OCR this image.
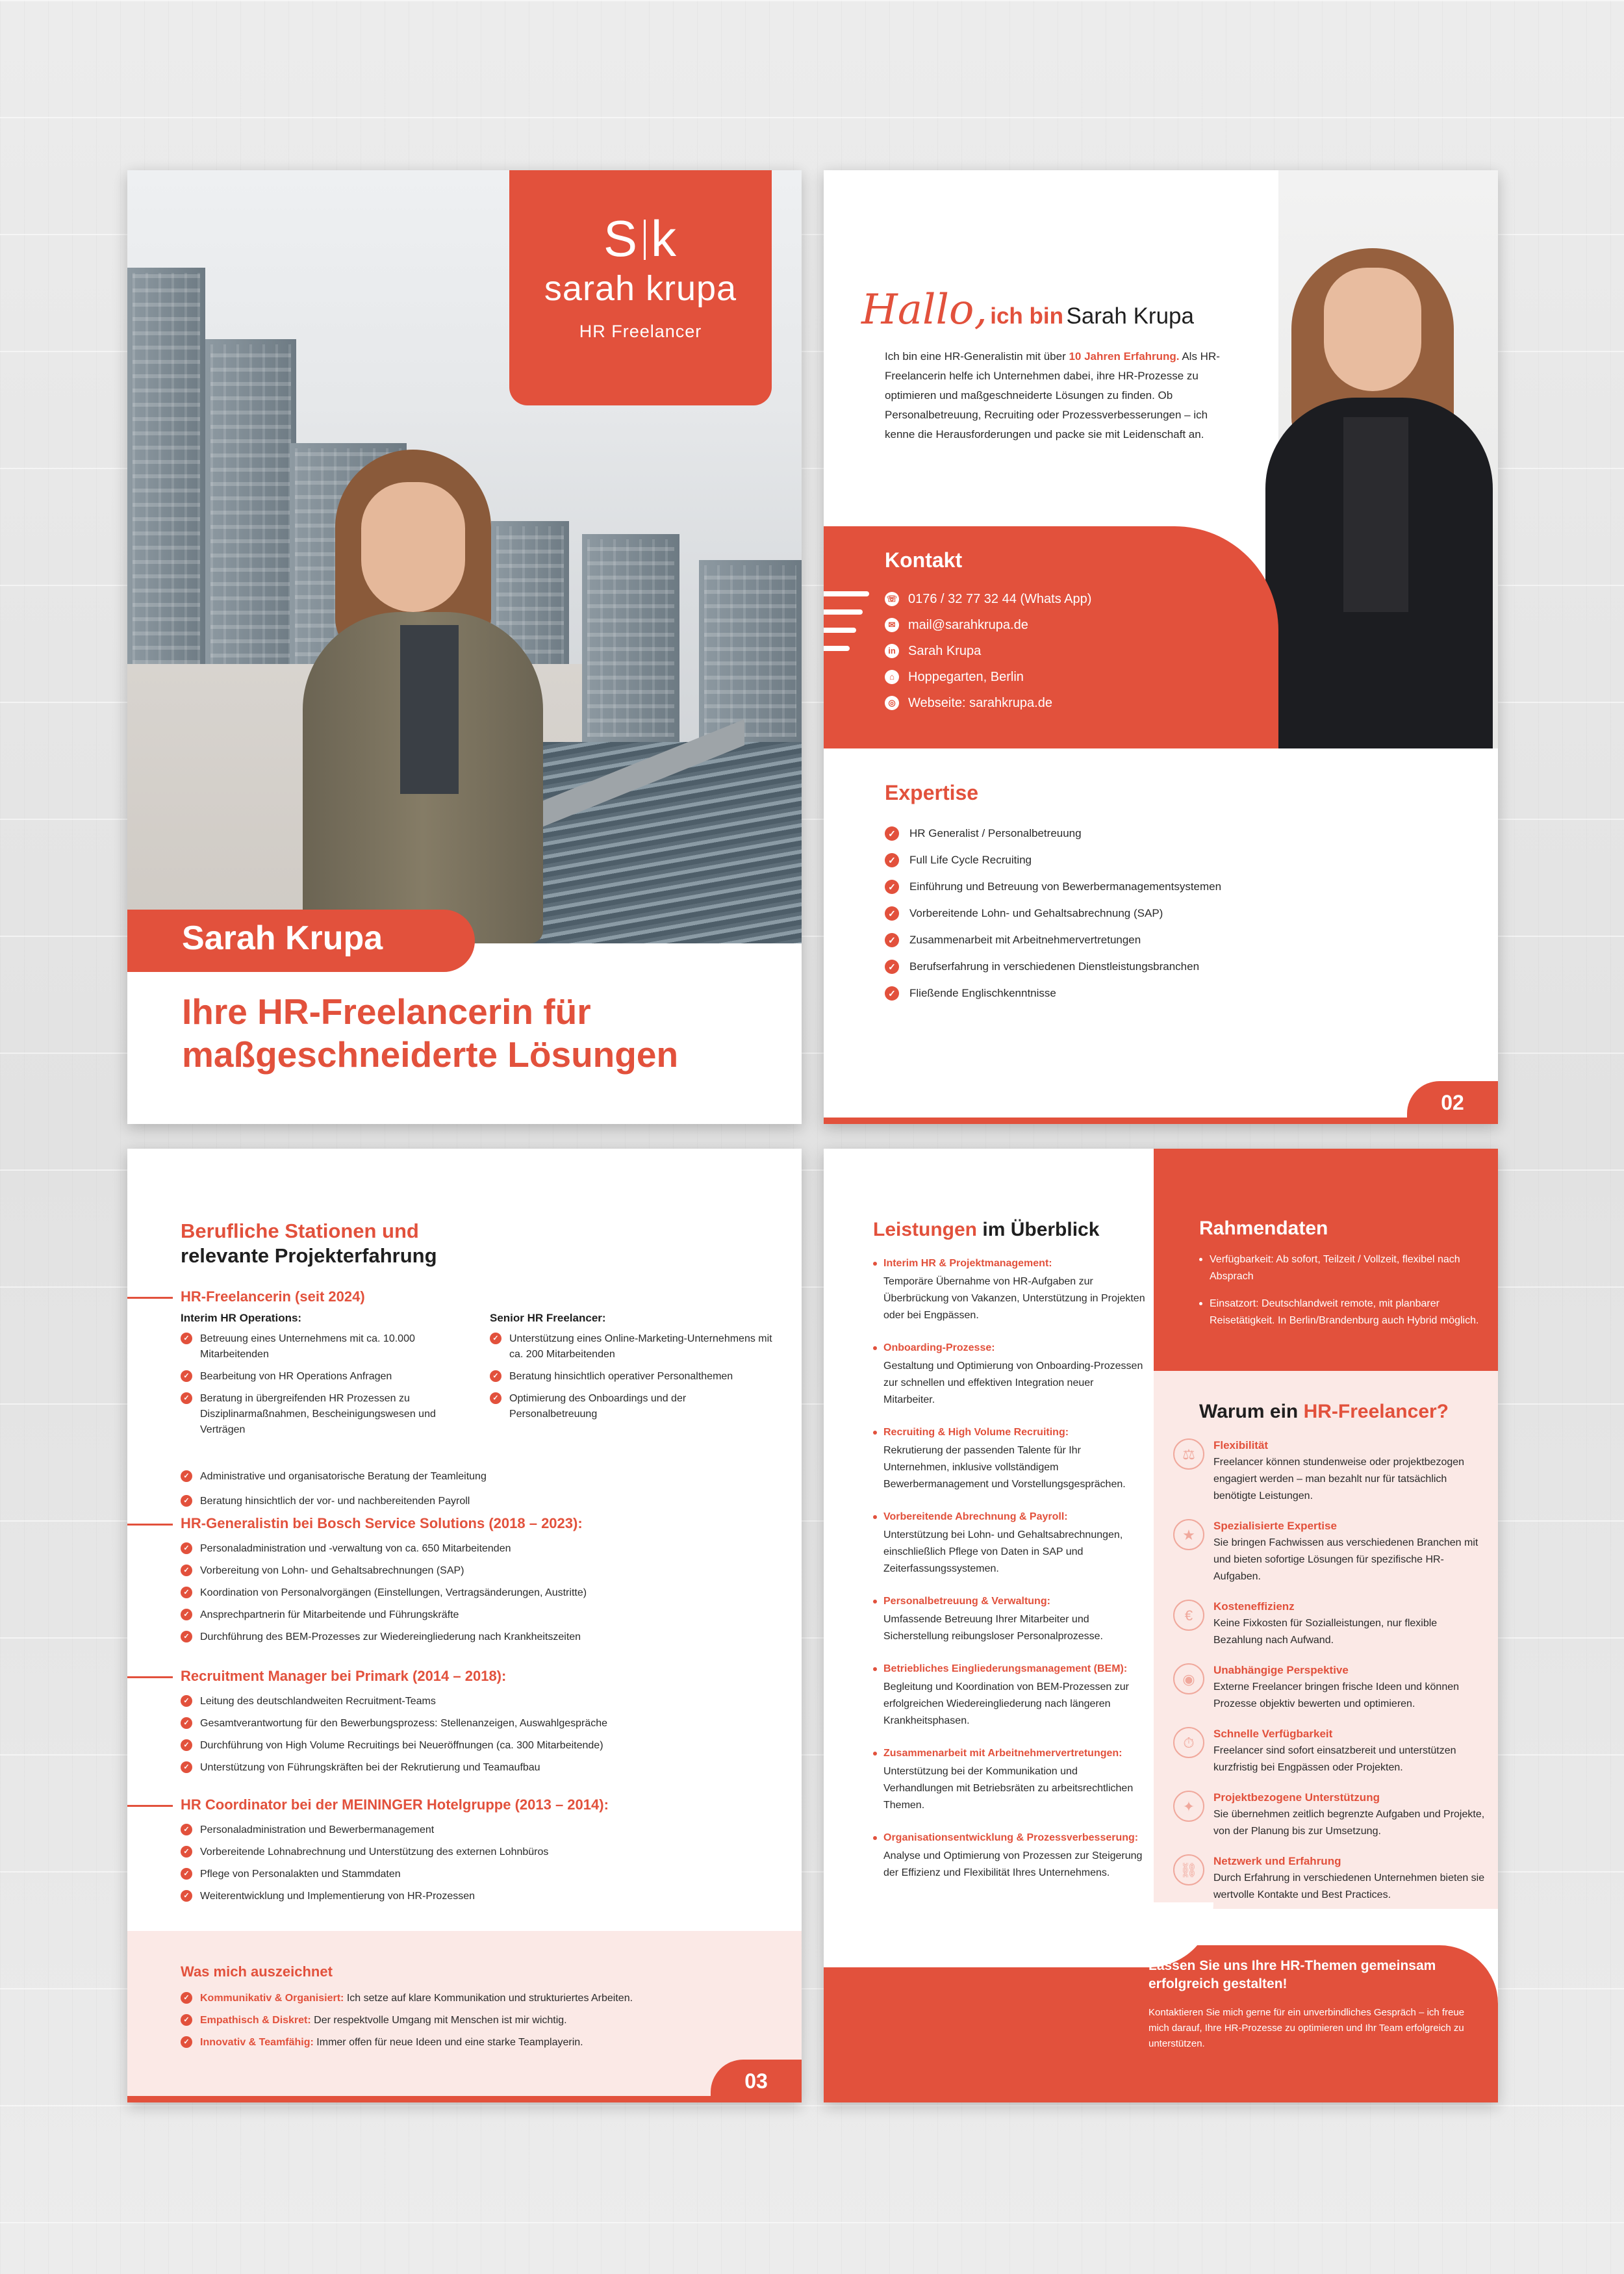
S k
sarah krupa
HR Freelancer
Sarah Krupa
Ihre HR-Freelancerin für
maßgeschneiderte Lösungen
Hallo, ich bin Sarah Krupa
Ich bin eine HR-Generalistin mit über 10 Jahren Erfahrung. Als HR-Freelancerin helfe ich Unternehmen dabei, ihre HR-Prozesse zu optimieren und maßgeschneiderte Lösungen zu finden. Ob Personalbetreuung, Recruiting oder Prozessverbesserungen – ich kenne die Herausforderungen und packe sie mit Leidenschaft an.
Kontakt
☏ 0176 / 32 77 32 44 (Whats App)
✉ mail@sarahkrupa.de
in Sarah Krupa
⌂	Hoppegarten, Berlin
◎ Webseite: sarahkrupa.de
Expertise
✓ HR Generalist / Personalbetreuung
✓ Full Life Cycle Recruiting
✓ Einführung und Betreuung von Bewerbermanagementsystemen
✓ Vorbereitende Lohn- und Gehaltsabrechnung (SAP)
✓ Zusammenarbeit mit Arbeitnehmervertretungen
✓ Berufserfahrung in verschiedenen Dienstleistungsbranchen
✓ Fließende Englischkenntnisse
02
Berufliche Stationen und
relevante Projekterfahrung
HR-Freelancerin (seit 2024)
Interim HR Operations:
✓ Betreuung eines Unternehmens mit ca. 10.000 Mitarbeitenden
✓ Bearbeitung von HR Operations Anfragen
✓ Beratung in übergreifenden HR Prozessen zu Disziplinarmaßnahmen, Bescheinigungswesen und Verträgen
Senior HR Freelancer:
✓ Unterstützung eines Online-Marketing-Unternehmens mit ca. 200 Mitarbeitenden
✓ Beratung hinsichtlich operativer Personalthemen
✓ Optimierung des Onboardings und der Personalbetreuung
✓ Administrative und organisatorische Beratung der Teamleitung
✓ Beratung hinsichtlich der vor- und nachbereitenden Payroll
HR-Generalistin bei Bosch Service Solutions (2018 – 2023):
✓ Personaladministration und -verwaltung von ca. 650 Mitarbeitenden
✓ Vorbereitung von Lohn- und Gehaltsabrechnungen (SAP)
✓ Koordination von Personalvorgängen (Einstellungen, Vertragsänderungen, Austritte)
✓ Ansprechpartnerin für Mitarbeitende und Führungskräfte
✓ Durchführung des BEM-Prozesses zur Wiedereingliederung nach Krankheitszeiten
Recruitment Manager bei Primark (2014 – 2018):
✓ Leitung des deutschlandweiten Recruitment-Teams
✓ Gesamtverantwortung für den Bewerbungsprozess: Stellenanzeigen, Auswahlgespräche
✓ Durchführung von High Volume Recruitings bei Neueröffnungen (ca. 300 Mitarbeitende)
✓ Unterstützung von Führungskräften bei der Rekrutierung und Teamaufbau
HR Coordinator bei der MEININGER Hotelgruppe (2013 – 2014):
✓ Personaladministration und Bewerbermanagement
✓ Vorbereitende Lohnabrechnung und Unterstützung des externen Lohnbüros
✓ Pflege von Personalakten und Stammdaten
✓ Weiterentwicklung und Implementierung von HR-Prozessen
Was mich auszeichnet
✓ Kommunikativ & Organisiert: Ich setze auf klare Kommunikation und strukturiertes Arbeiten.
✓ Empathisch & Diskret: Der respektvolle Umgang mit Menschen ist mir wichtig.
✓ Innovativ & Teamfähig: Immer offen für neue Ideen und eine starke Teamplayerin.
03
Leistungen im Überblick
Interim HR & Projektmanagement:
Temporäre Übernahme von HR-Aufgaben zur Überbrückung von Vakanzen, Unterstützung in Projekten oder bei Engpässen.
Onboarding-Prozesse:
Gestaltung und Optimierung von Onboarding-Prozessen zur schnellen und effektiven Integration neuer Mitarbeiter.
Recruiting & High Volume Recruiting:
Rekrutierung der passenden Talente für Ihr Unternehmen, inklusive vollständigem Bewerbermanagement und Vorstellungsgesprächen.
Vorbereitende Abrechnung & Payroll:
Unterstützung bei Lohn- und Gehaltsabrechnungen, einschließlich Pflege von Daten in SAP und Zeiterfassungssystemen.
Personalbetreuung & Verwaltung:
Umfassende Betreuung Ihrer Mitarbeiter und Sicherstellung reibungsloser Personalprozesse.
Betriebliches Eingliederungsmanagement (BEM):
Begleitung und Koordination von BEM-Prozessen zur erfolgreichen Wiedereingliederung nach längeren Krankheitsphasen.
Zusammenarbeit mit Arbeitnehmervertretungen:
Unterstützung bei der Kommunikation und Verhandlungen mit Betriebsräten zu arbeitsrechtlichen Themen.
Organisationsentwicklung & Prozessverbesserung:
Analyse und Optimierung von Prozessen zur Steigerung der Effizienz und Flexibilität Ihres Unternehmens.
Rahmendaten
Verfügbarkeit: Ab sofort, Teilzeit / Vollzeit, flexibel nach Absprach
Einsatzort: Deutschlandweit remote, mit planbarer Reisetätigkeit. In Berlin/Brandenburg auch Hybrid möglich.
Warum ein HR-Freelancer?
⚖
Flexibilität
Freelancer können stundenweise oder projektbezogen engagiert werden – man bezahlt nur für tatsächlich benötigte Leistungen.
★
Spezialisierte Expertise
Sie bringen Fachwissen aus verschiedenen Branchen mit und bieten sofortige Lösungen für spezifische HR-Aufgaben.
€
Kosteneffizienz
Keine Fixkosten für Sozialleistungen, nur flexible Bezahlung nach Aufwand.
◉
Unabhängige Perspektive
Externe Freelancer bringen frische Ideen und können Prozesse objektiv bewerten und optimieren.
⏱
Schnelle Verfügbarkeit
Freelancer sind sofort einsatzbereit und unterstützen kurzfristig bei Engpässen oder Projekten.
✦
Projektbezogene Unterstützung
Sie übernehmen zeitlich begrenzte Aufgaben und Projekte, von der Planung bis zur Umsetzung.
⛓
Netzwerk und Erfahrung
Durch Erfahrung in verschiedenen Unternehmen bieten sie wertvolle Kontakte und Best Practices.
Lassen Sie uns Ihre HR-Themen gemeinsam erfolgreich gestalten!
Kontaktieren Sie mich gerne für ein unverbindliches Gespräch – ich freue mich darauf, Ihre HR-Prozesse zu optimieren und Ihr Team erfolgreich zu unterstützen.
